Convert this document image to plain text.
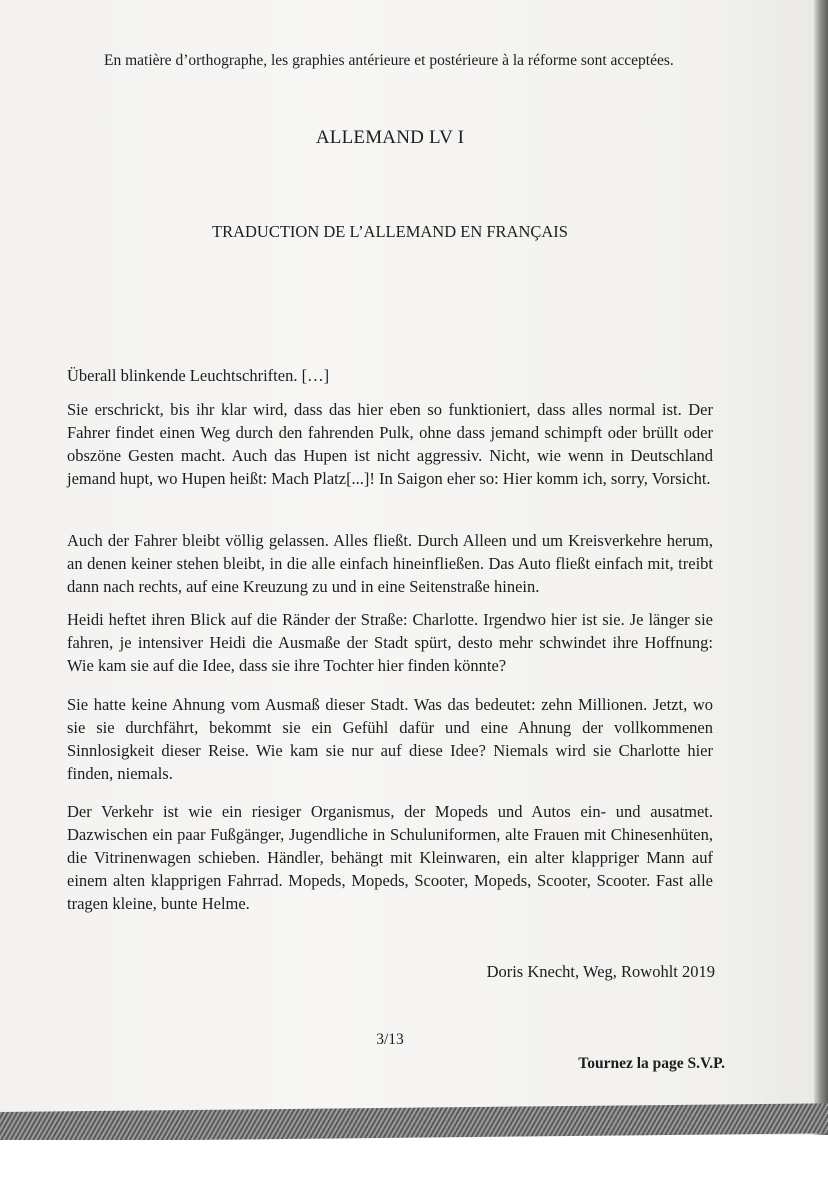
En matière d’orthographe, les graphies antérieure et postérieure à la réforme sont acceptées.
ALLEMAND LV I
TRADUCTION DE L’ALLEMAND EN FRANÇAIS
Überall blinkende Leuchtschriften. […]
Sie erschrickt, bis ihr klar wird, dass das hier eben so funktioniert, dass alles normal ist. Der Fahrer findet einen Weg durch den fahrenden Pulk, ohne dass jemand schimpft oder brüllt oder obszöne Gesten macht. Auch das Hupen ist nicht aggressiv. Nicht, wie wenn in Deutschland jemand hupt, wo Hupen heißt: Mach Platz[...]! In Saigon eher so: Hier komm ich, sorry, Vorsicht.
Auch der Fahrer bleibt völlig gelassen. Alles fließt. Durch Alleen und um Kreisverkehre herum, an denen keiner stehen bleibt, in die alle einfach hineinfließen. Das Auto fließt einfach mit, treibt dann nach rechts, auf eine Kreuzung zu und in eine Seitenstraße hinein.
Heidi heftet ihren Blick auf die Ränder der Straße: Charlotte. Irgendwo hier ist sie. Je länger sie fahren, je intensiver Heidi die Ausmaße der Stadt spürt, desto mehr schwindet ihre Hoffnung: Wie kam sie auf die Idee, dass sie ihre Tochter hier finden könnte?
Sie hatte keine Ahnung vom Ausmaß dieser Stadt. Was das bedeutet: zehn Millionen. Jetzt, wo sie sie durchfährt, bekommt sie ein Gefühl dafür und eine Ahnung der vollkommenen Sinnlosigkeit dieser Reise. Wie kam sie nur auf diese Idee? Niemals wird sie Charlotte hier finden, niemals.
Der Verkehr ist wie ein riesiger Organismus, der Mopeds und Autos ein- und ausatmet. Dazwischen ein paar Fußgänger, Jugendliche in Schuluniformen, alte Frauen mit Chinesenhüten, die Vitrinenwagen schieben. Händler, behängt mit Kleinwaren, ein alter klappriger Mann auf einem alten klapprigen Fahrrad. Mopeds, Mopeds, Scooter, Mopeds, Scooter, Scooter. Fast alle tragen kleine, bunte Helme.
Doris Knecht, Weg, Rowohlt 2019
3/13
Tournez la page S.V.P.
